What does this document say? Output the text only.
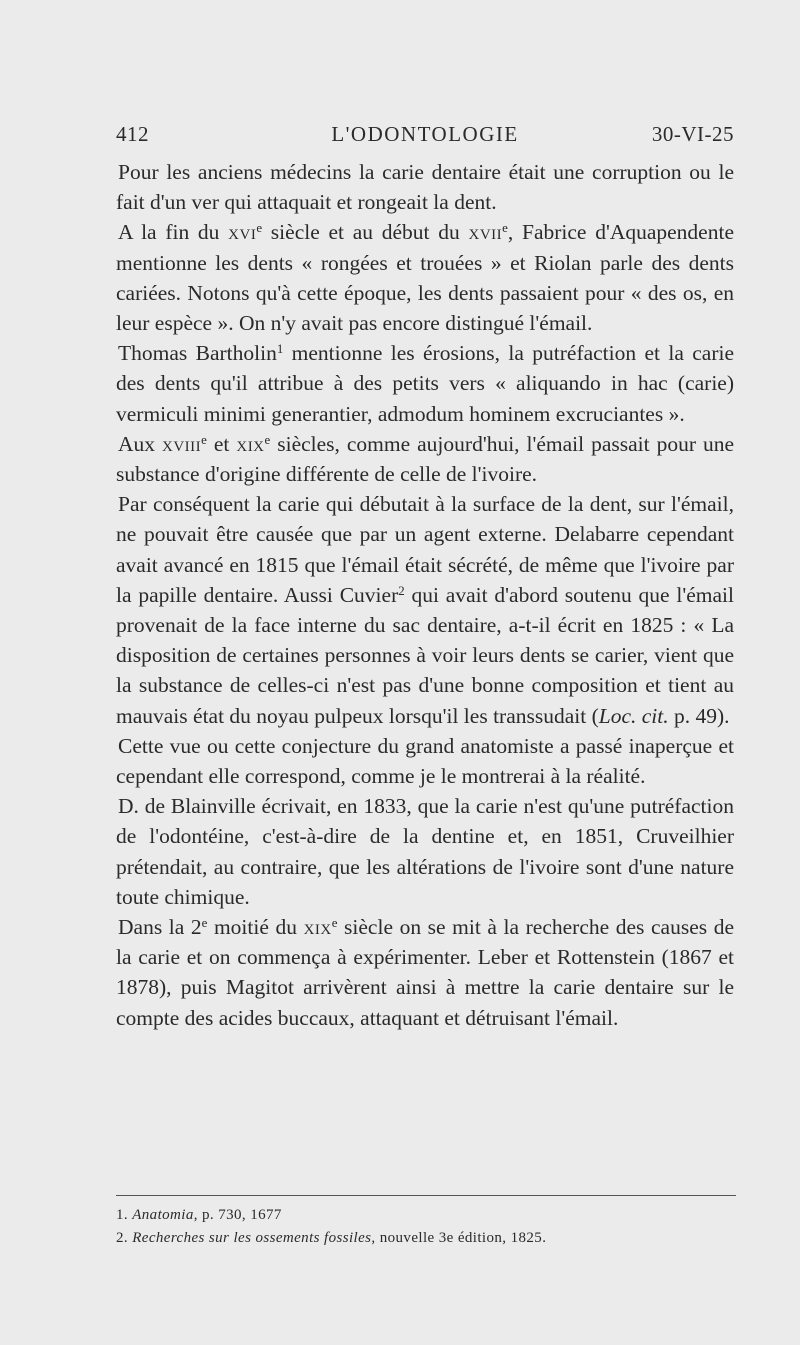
412	L'ODONTOLOGIE	30-VI-25

Pour les anciens médecins la carie dentaire était une corruption ou le fait d'un ver qui attaquait et rongeait la dent.

A la fin du xvi$^e$ siècle et au début du xvii$^e$, Fabrice d'Aquapendente mentionne les dents « rongées et trouées » et Riolan parle des dents cariées. Notons qu'à cette époque, les dents passaient pour « des os, en leur espèce ». On n'y avait pas encore distingué l'émail.

Thomas Bartholin$^1$ mentionne les érosions, la putréfaction et la carie des dents qu'il attribue à des petits vers « aliquando in hac (carie) vermiculi minimi generantier, admodum hominem excruciantes ».

Aux xviii$^e$ et xix$^e$ siècles, comme aujourd'hui, l'émail passait pour une substance d'origine différente de celle de l'ivoire.

Par conséquent la carie qui débutait à la surface de la dent, sur l'émail, ne pouvait être causée que par un agent externe. Delabarre cependant avait avancé en 1815 que l'émail était sécrété, de même que l'ivoire par la papille dentaire. Aussi Cuvier$^2$ qui avait d'abord soutenu que l'émail provenait de la face interne du sac dentaire, a-t-il écrit en 1825 : « La disposition de certaines personnes à voir leurs dents se carier, vient que la substance de celles-ci n'est pas d'une bonne composition et tient au mauvais état du noyau pulpeux lorsqu'il les transsudait (Loc. cit. p. 49).

Cette vue ou cette conjecture du grand anatomiste a passé inaperçue et cependant elle correspond, comme je le montrerai à la réalité.

D. de Blainville écrivait, en 1833, que la carie n'est qu'une putréfaction de l'odontéine, c'est-à-dire de la dentine et, en 1851, Cruveilhier prétendait, au contraire, que les altérations de l'ivoire sont d'une nature toute chimique.

Dans la 2e moitié du xix$^e$ siècle on se mit à la recherche des causes de la carie et on commença à expérimenter. Leber et Rottenstein (1867 et 1878), puis Magitot arrivèrent ainsi à mettre la carie dentaire sur le compte des acides buccaux, attaquant et détruisant l'émail.

1. Anatomia, p. 730, 1677

2. Recherches sur les ossements fossiles, nouvelle 3e édition, 1825.
